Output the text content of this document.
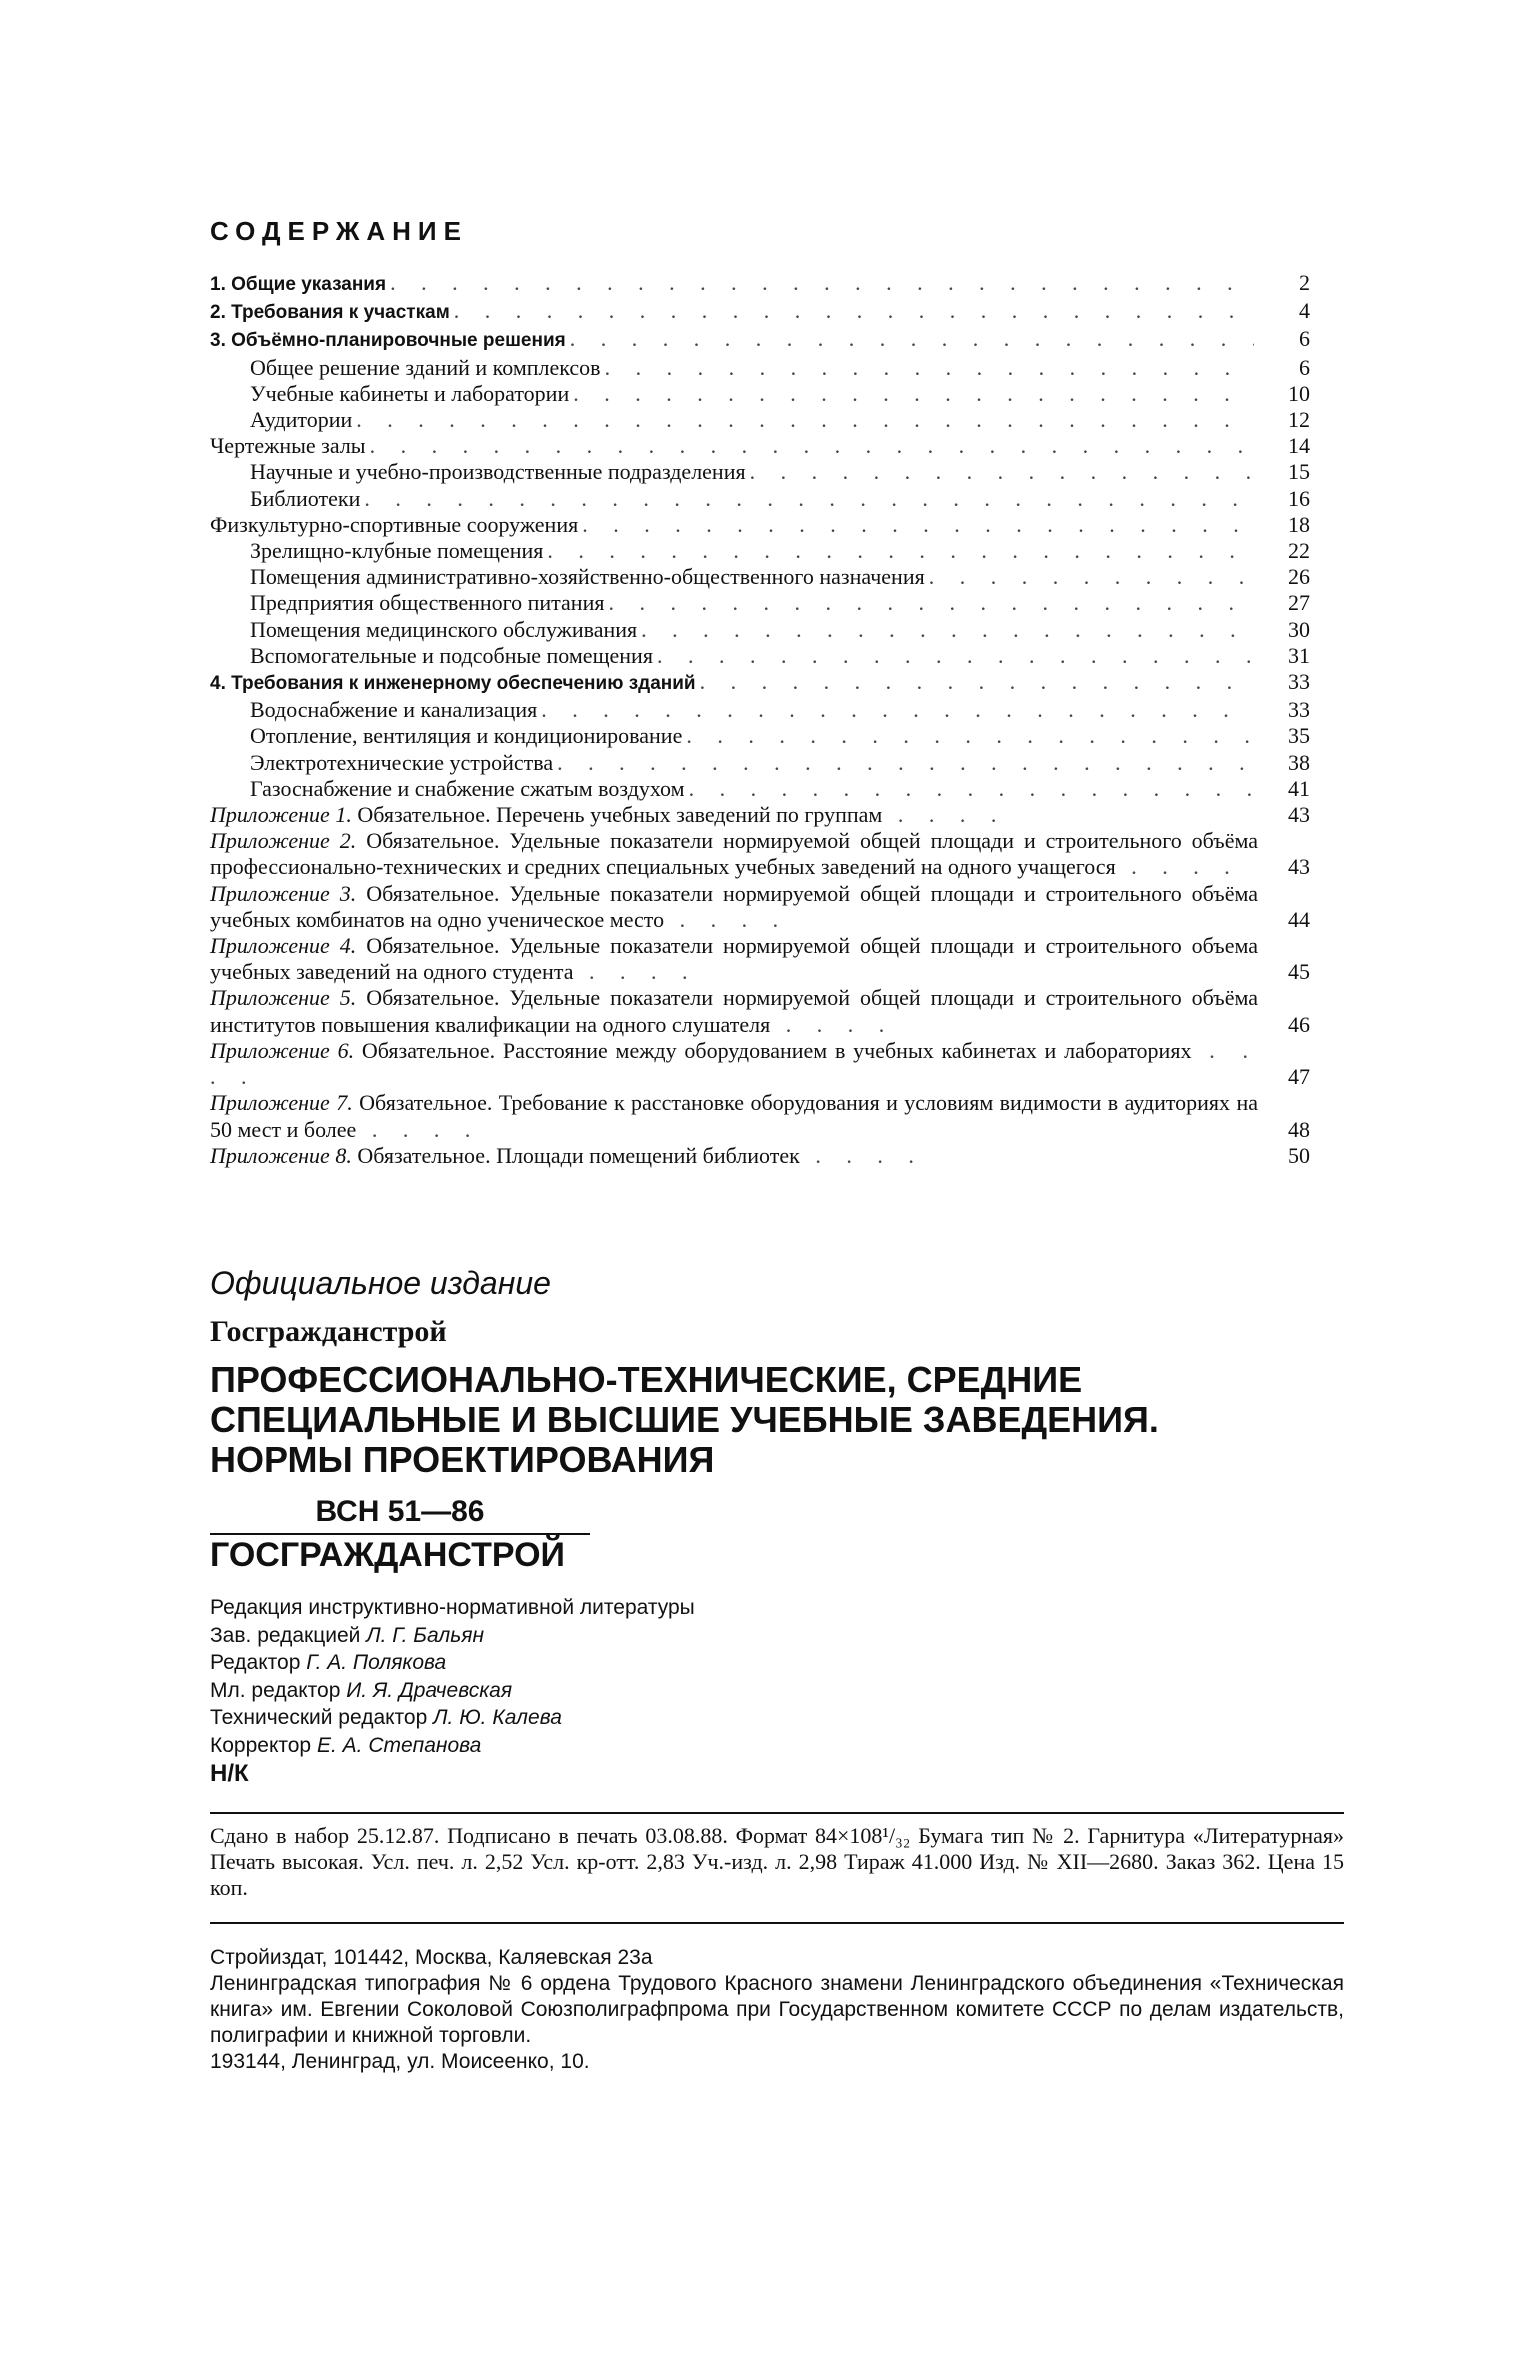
СОДЕРЖАНИЕ
1. Общие указания . . .	2
2. Требования к участкам . . .	4
3. Объёмно-планировочные решения . . .	6
Общее решение зданий и комплексов . . .	6
Учебные кабинеты и лаборатории . . .	10
Аудитории . . .	12
Чертежные залы . . .	14
Научные и учебно-производственные подразделения . . .	15
Библиотеки . . .	16
Физкультурно-спортивные сооружения . . .	18
Зрелищно-клубные помещения . . .	22
Помещения административно-хозяйственно-общественного назначения . . .	26
Предприятия общественного питания . . .	27
Помещения медицинского обслуживания . . .	30
Вспомогательные и подсобные помещения . . .	31
4. Требования к инженерному обеспечению зданий . . .	33
Водоснабжение и канализация . . .	33
Отопление, вентиляция и кондиционирование . . .	35
Электротехнические устройства . . .	38
Газоснабжение и снабжение сжатым воздухом . . .	41
Приложение 1. Обязательное. Перечень учебных заведений по группам . . . .	43
Приложение 2. Обязательное. Удельные показатели нормируемой общей площади и строительного объёма профессионально-технических и средних специальных учебных заведений на одного учащегося . . . .	43
Приложение 3. Обязательное. Удельные показатели нормируемой общей площади и строительного объёма учебных комбинатов на одно ученическое место . . . .	44
Приложение 4. Обязательное. Удельные показатели нормируемой общей площади и строительного объема учебных заведений на одного студента . . . .	45
Приложение 5. Обязательное. Удельные показатели нормируемой общей площади и строительного объёма институтов повышения квалификации на одного слушателя . . . .	46
Приложение 6. Обязательное. Расстояние между оборудованием в учебных кабинетах и лабораториях . . . .	47
Приложение 7. Обязательное. Требование к расстановке оборудования и условиям видимости в аудиториях на 50 мест и более . . . .	48
Приложение 8. Обязательное. Площади помещений библиотек . . . .	50
Официальное издание
Госгражданстрой
ПРОФЕССИОНАЛЬНО-ТЕХНИЧЕСКИЕ, СРЕДНИЕ
СПЕЦИАЛЬНЫЕ И ВЫСШИЕ УЧЕБНЫЕ ЗАВЕДЕНИЯ.
НОРМЫ ПРОЕКТИРОВАНИЯ
ВСН 51—86
ГОСГРАЖДАНСТРОЙ
Редакция инструктивно-нормативной литературы
Зав. редакцией Л. Г. Бальян
Редактор Г. А. Полякова
Мл. редактор И. Я. Драчевская
Технический редактор Л. Ю. Калева
Корректор Е. А. Степанова
Н/К
Сдано в набор 25.12.87. Подписано в печать 03.08.88. Формат 84×108¹/₃₂ Бумага тип № 2. Гарнитура «Литературная» Печать высокая. Усл. печ. л. 2,52 Усл. кр-отт. 2,83 Уч.-изд. л. 2,98 Тираж 41.000 Изд. № XII—2680. Заказ 362. Цена 15 коп.
Стройиздат, 101442, Москва, Каляевская 23а
Ленинградская типография № 6 ордена Трудового Красного знамени Ленинградского объединения «Техническая книга» им. Евгении Соколовой Союзполиграфпрома при Государственном комитете СССР по делам издательств, полиграфии и книжной торговли.
193144, Ленинград, ул. Моисеенко, 10.
